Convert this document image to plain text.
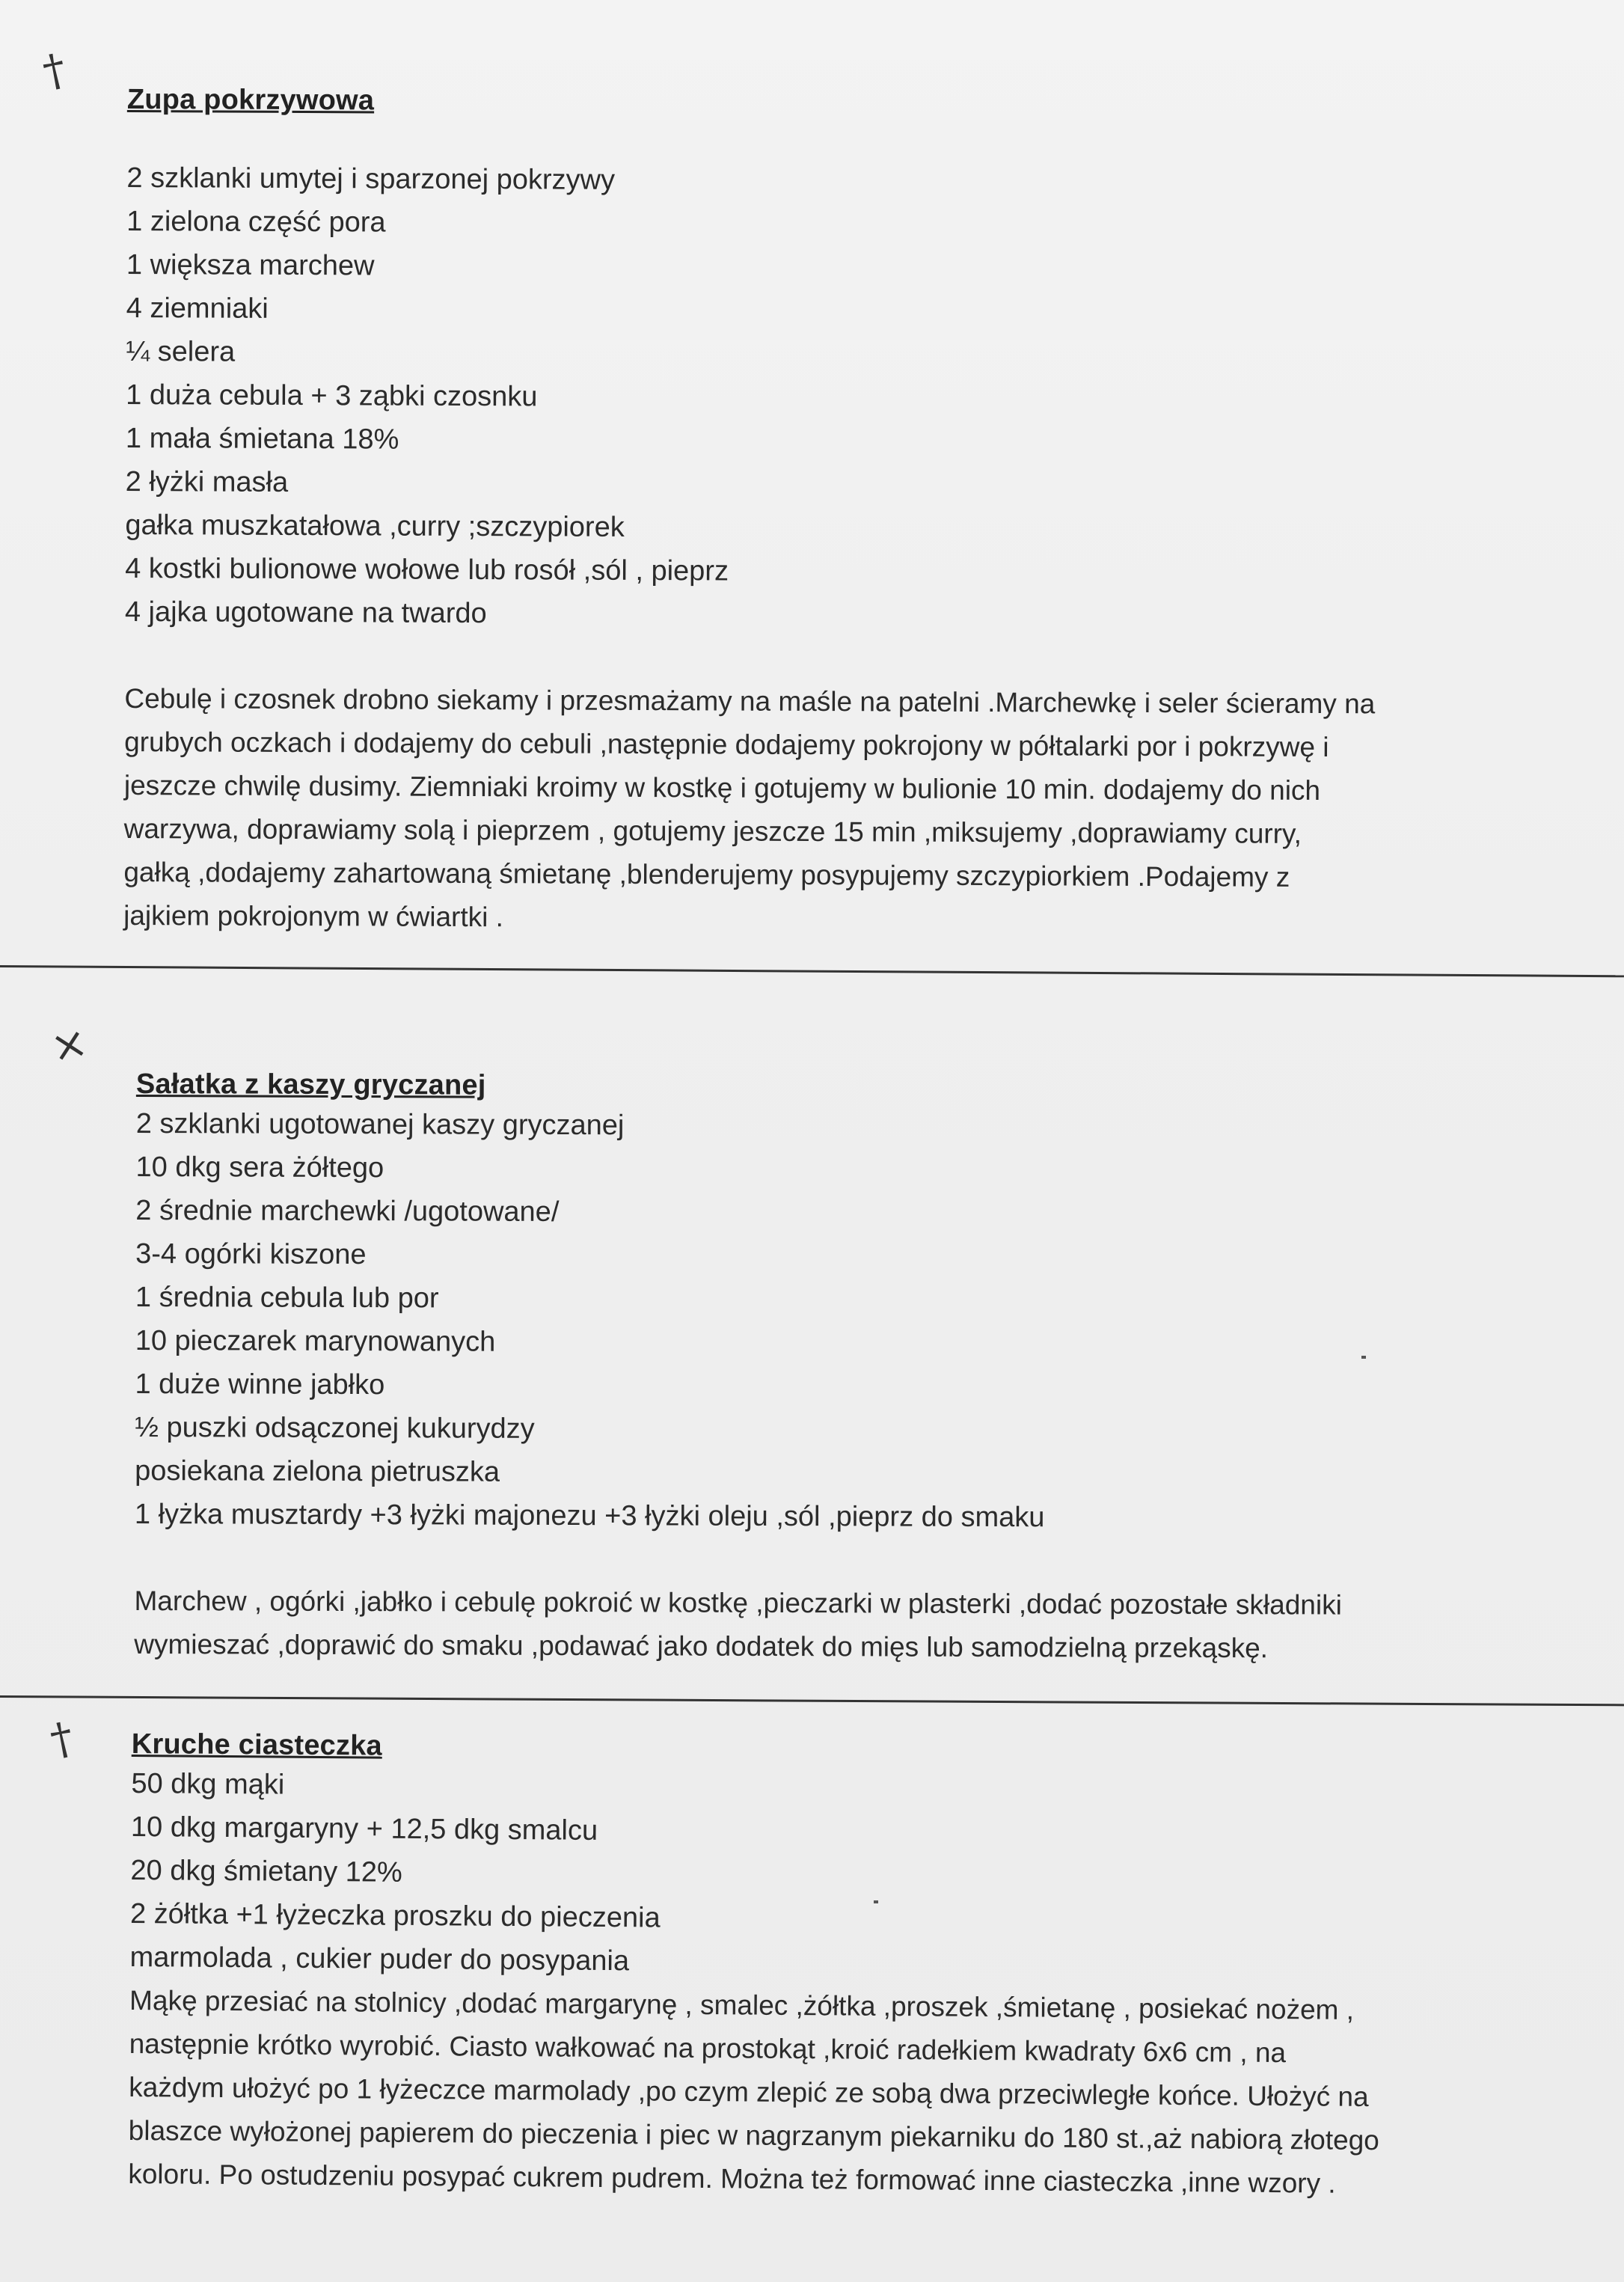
†
×
†
Zupa pokrzywowa
2 szklanki umytej i sparzonej pokrzywy
1 zielona część pora
1 większa marchew
4 ziemniaki
¼ selera
1 duża cebula + 3 ząbki czosnku
1 mała śmietana 18%
2 łyżki masła
gałka muszkatałowa ,curry ;szczypiorek
4 kostki bulionowe wołowe lub rosół ,sól , pieprz
4 jajka ugotowane na twardo
Cebulę i czosnek drobno siekamy i przesmażamy na maśle na patelni .Marchewkę i seler ścieramy na
grubych oczkach i dodajemy do cebuli ,następnie dodajemy pokrojony w półtalarki por i pokrzywę i
jeszcze chwilę dusimy. Ziemniaki kroimy w kostkę i gotujemy w bulionie 10 min. dodajemy do nich
warzywa, doprawiamy solą i pieprzem , gotujemy jeszcze 15 min ,miksujemy ,doprawiamy curry,
gałką ,dodajemy zahartowaną śmietanę ,blenderujemy posypujemy szczypiorkiem .Podajemy z
jajkiem pokrojonym w ćwiartki .
Sałatka z kaszy gryczanej
2 szklanki ugotowanej kaszy gryczanej
10 dkg sera żółtego
2 średnie marchewki /ugotowane/
3-4 ogórki kiszone
1 średnia cebula lub por
10 pieczarek marynowanych
1 duże winne jabłko
½ puszki odsączonej kukurydzy
posiekana zielona pietruszka
1 łyżka musztardy +3 łyżki majonezu +3 łyżki oleju ,sól ,pieprz do smaku
Marchew , ogórki ,jabłko i cebulę pokroić w kostkę ,pieczarki w plasterki ,dodać pozostałe składniki
wymieszać ,doprawić do smaku ,podawać jako dodatek do mięs lub samodzielną przekąskę.
Kruche ciasteczka
50 dkg mąki
10 dkg margaryny + 12,5 dkg smalcu
20 dkg śmietany 12%
2 żółtka +1 łyżeczka proszku do pieczenia
marmolada , cukier puder do posypania
Mąkę przesiać na stolnicy ,dodać margarynę , smalec ,żółtka ,proszek ,śmietanę , posiekać nożem ,
następnie krótko wyrobić. Ciasto wałkować na prostokąt ,kroić radełkiem kwadraty 6x6 cm , na
każdym ułożyć po 1 łyżeczce marmolady ,po czym zlepić ze sobą dwa przeciwległe końce. Ułożyć na
blaszce wyłożonej papierem do pieczenia i piec w nagrzanym piekarniku do 180 st.,aż nabiorą złotego
koloru. Po ostudzeniu posypać cukrem pudrem. Można też formować inne ciasteczka ,inne wzory .
